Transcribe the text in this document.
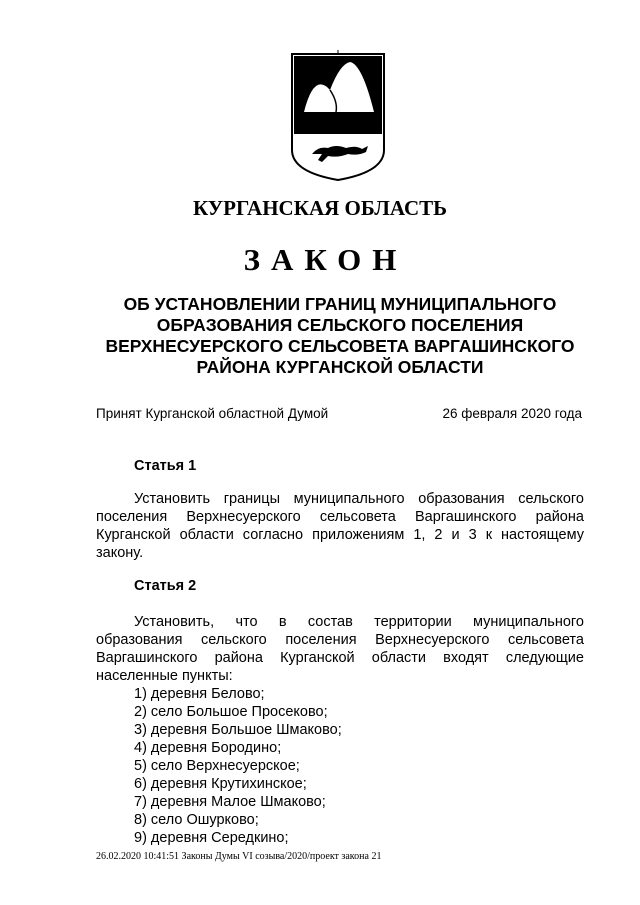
КУРГАНСКАЯ ОБЛАСТЬ
ЗАКОН
ОБ УСТАНОВЛЕНИИ ГРАНИЦ МУНИЦИПАЛЬНОГО
ОБРАЗОВАНИЯ СЕЛЬСКОГО ПОСЕЛЕНИЯ
ВЕРХНЕСУЕРСКОГО СЕЛЬСОВЕТА ВАРГАШИНСКОГО
РАЙОНА КУРГАНСКОЙ ОБЛАСТИ
Принят Курганской областной Думой	26 февраля 2020 года
Статья 1
Установить границы муниципального образования сельского
поселения Верхнесуерского сельсовета Варгашинского района
Курганской области согласно приложениям 1, 2 и 3 к настоящему
закону.
Статья 2
Установить, что в состав территории муниципального
образования сельского поселения Верхнесуерского сельсовета
Варгашинского района Курганской области входят следующие
населенные пункты:
1) деревня Белово;
2) село Большое Просеково;
3) деревня Большое Шмаково;
4) деревня Бородино;
5) село Верхнесуерское;
6) деревня Крутихинское;
7) деревня Малое Шмаково;
8) село Ошурково;
9) деревня Середкино;
26.02.2020 10:41:51 Законы Думы VI созыва/2020/проект закона 21
